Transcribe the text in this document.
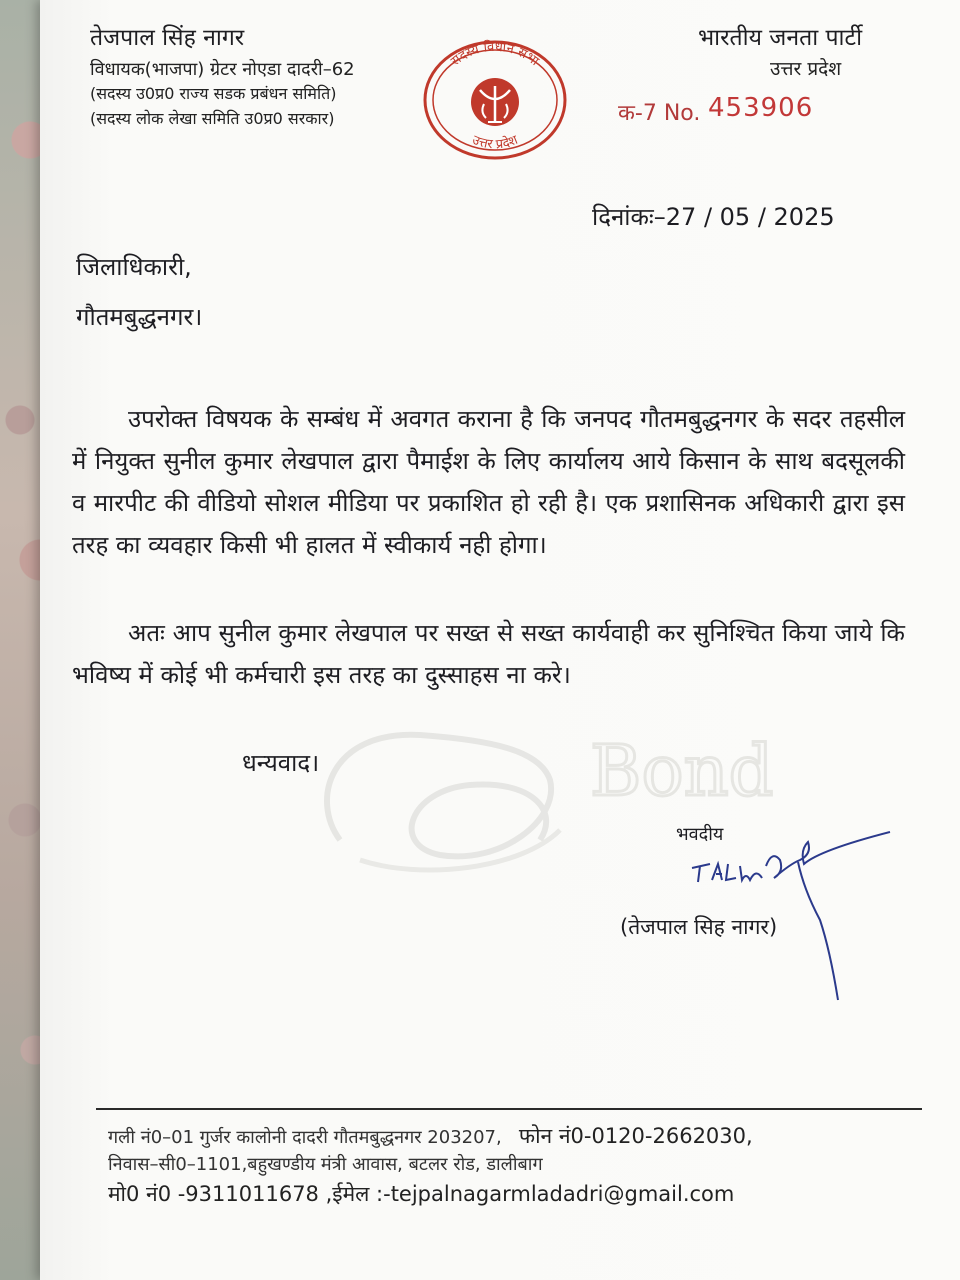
Bond
तेजपाल सिंह नागर
विधायक(भाजपा) ग्रेटर नोएडा दादरी–62
(सदस्य उ0प्र0 राज्य सडक प्रबंधन समिति)
(सदस्य लोक लेखा समिति उ0प्र0 सरकार)
सदस्य विधान सभा
उत्तर प्रदेश
भारतीय जनता पार्टी
उत्तर प्रदेश
क-7 No. 453906
दिनांकः–27 / 05 / 2025
जिलाधिकारी,
गौतमबुद्धनगर।
उपरोक्त विषयक के सम्बंध में अवगत कराना है कि जनपद गौतमबुद्धनगर के सदर तहसील में नियुक्त सुनील कुमार लेखपाल द्वारा पैमाईश के लिए कार्यालय आये किसान के साथ बदसूलकी व मारपीट की वीडियो सोशल मीडिया पर प्रकाशित हो रही है। एक प्रशासिनक अधिकारी द्वारा इस तरह का व्यवहार किसी भी हालत में स्वीकार्य नही होगा।
अतः आप सुनील कुमार लेखपाल पर सख्त से सख्त कार्यवाही कर सुनिश्चित किया जाये कि भविष्य में कोई भी कर्मचारी इस तरह का दुस्साहस ना करे।
धन्यवाद।
भवदीय
(तेजपाल सिह नागर)
गली नं0–01 गुर्जर कालोनी दादरी गौतमबुद्धनगर 203207, फोन नं0-0120-2662030,
निवास–सी0–1101,बहुखण्डीय मंत्री आवास, बटलर रोड, डालीबाग
मो0 नं0 -9311011678 ,ईमेल :-tejpalnagarmladadri@gmail.com
